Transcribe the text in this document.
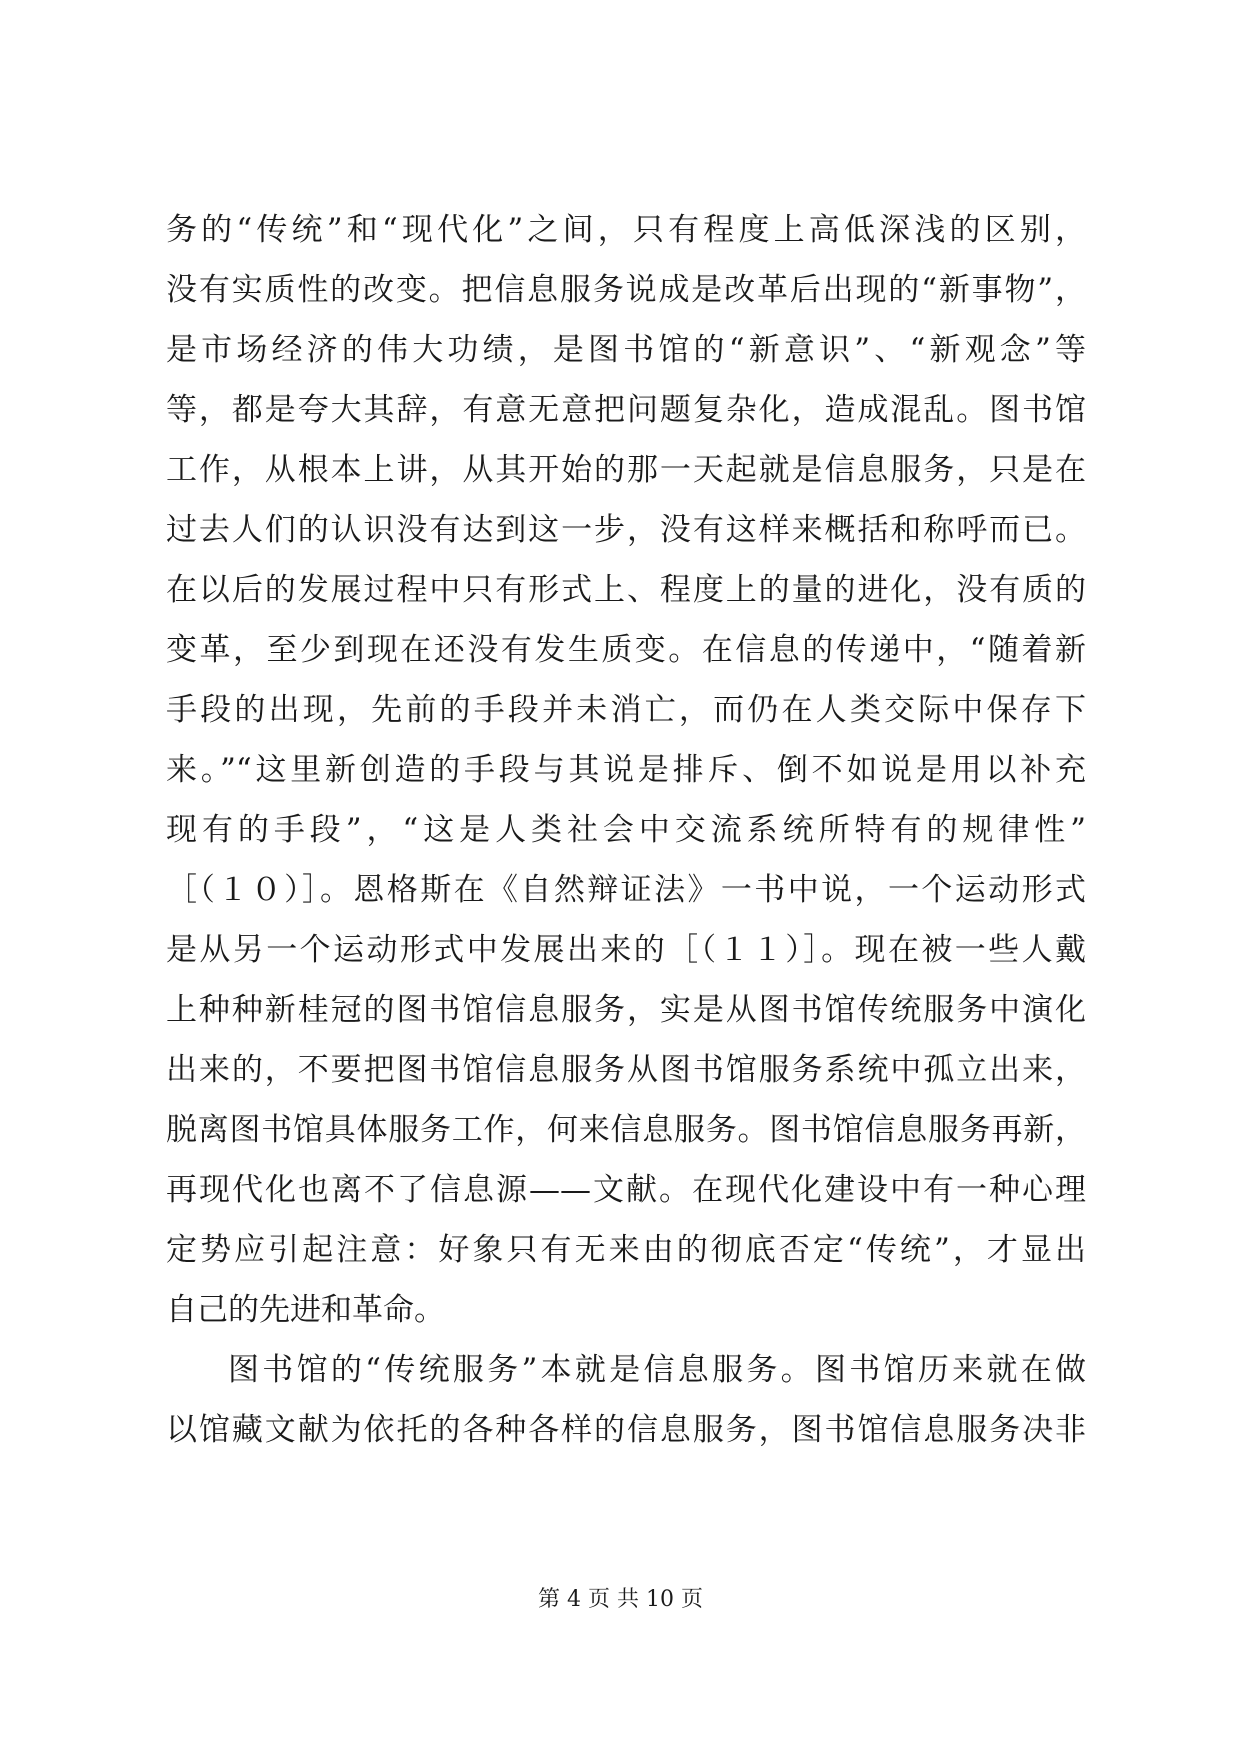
务的“传统”和“现代化”之间，只有程度上高低深浅的区别，
没有实质性的改变。把信息服务说成是改革后出现的“新事物”，
是市场经济的伟大功绩，是图书馆的“新意识”、“新观念”等
等，都是夸大其辞，有意无意把问题复杂化，造成混乱。图书馆
工作，从根本上讲，从其开始的那一天起就是信息服务，只是在
过去人们的认识没有达到这一步，没有这样来概括和称呼而已。
在以后的发展过程中只有形式上、程度上的量的进化，没有质的
变革，至少到现在还没有发生质变。在信息的传递中，“随着新
手段的出现，先前的手段并未消亡，而仍在人类交际中保存下
来。”“这里新创造的手段与其说是排斥、倒不如说是用以补充
现有的手段”，“这是人类社会中交流系统所特有的规律性”
［（１０）］。恩格斯在《自然辩证法》一书中说，一个运动形式
是从另一个运动形式中发展出来的［（１１）］。现在被一些人戴
上种种新桂冠的图书馆信息服务，实是从图书馆传统服务中演化
出来的，不要把图书馆信息服务从图书馆服务系统中孤立出来，
脱离图书馆具体服务工作，何来信息服务。图书馆信息服务再新，
再现代化也离不了信息源——文献。在现代化建设中有一种心理
定势应引起注意：好象只有无来由的彻底否定“传统”，才显出
自己的先进和革命。
图书馆的“传统服务”本就是信息服务。图书馆历来就在做
以馆藏文献为依托的各种各样的信息服务，图书馆信息服务决非
第 4 页 共 10 页
